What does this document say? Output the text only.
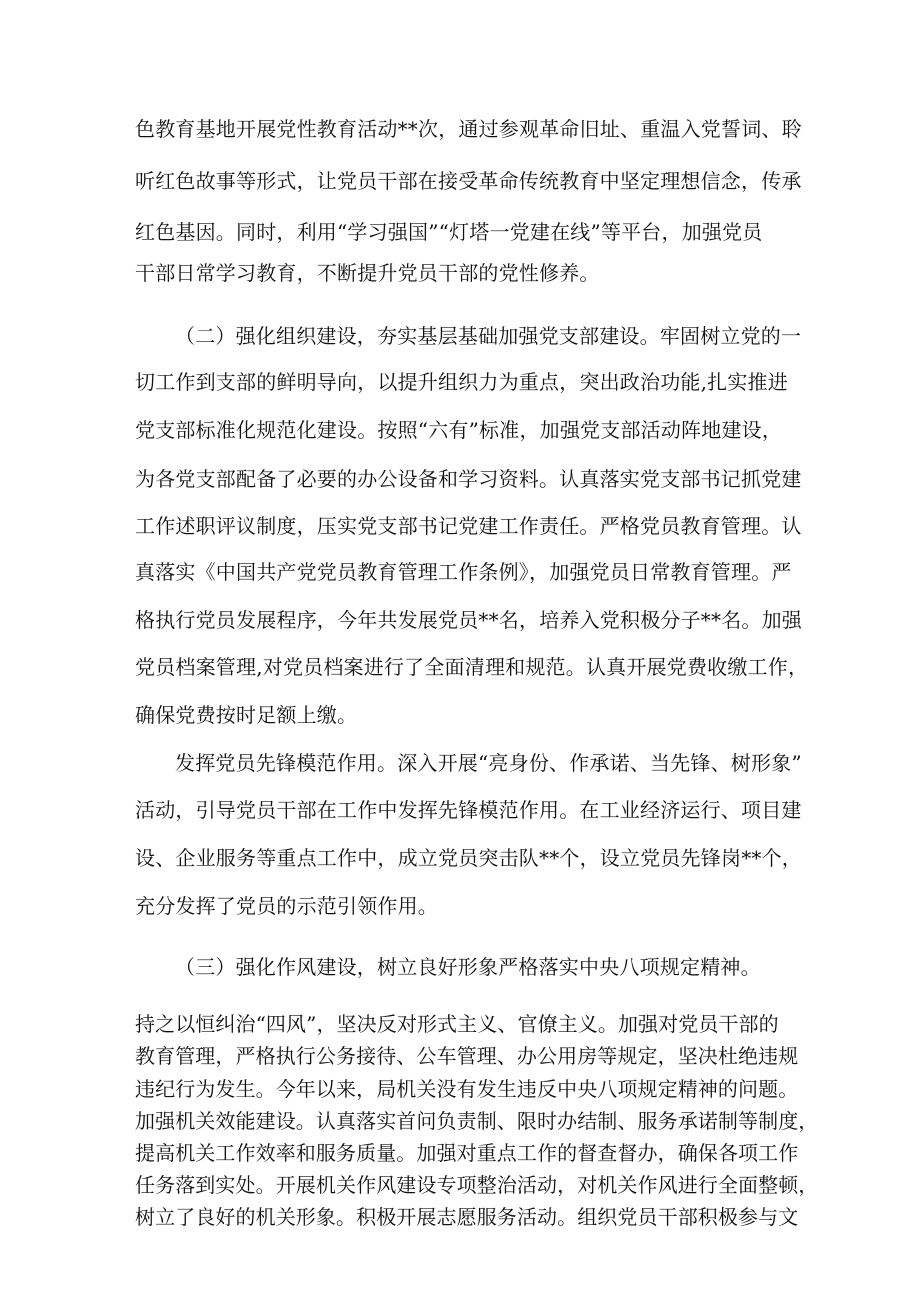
色教育基地开展党性教育活动**次，通过参观革命旧址、重温入党誓词、聆
听红色故事等形式，让党员干部在接受革命传统教育中坚定理想信念，传承
红色基因。同时，利用“学习强国”“灯塔一党建在线”等平台，加强党员
干部日常学习教育，不断提升党员干部的党性修养。
（二）强化组织建设，夯实基层基础加强党支部建设。牢固树立党的一
切工作到支部的鲜明导向，以提升组织力为重点，突出政治功能,扎实推进
党支部标准化规范化建设。按照“六有”标准，加强党支部活动阵地建设，
为各党支部配备了必要的办公设备和学习资料。认真落实党支部书记抓党建
工作述职评议制度，压实党支部书记党建工作责任。严格党员教育管理。认
真落实《中国共产党党员教育管理工作条例》，加强党员日常教育管理。严
格执行党员发展程序，今年共发展党员**名，培养入党积极分子**名。加强
党员档案管理,对党员档案进行了全面清理和规范。认真开展党费收缴工作，
确保党费按时足额上缴。
发挥党员先锋模范作用。深入开展“亮身份、作承诺、当先锋、树形象”
活动，引导党员干部在工作中发挥先锋模范作用。在工业经济运行、项目建
设、企业服务等重点工作中，成立党员突击队**个，设立党员先锋岗**个，
充分发挥了党员的示范引领作用。
（三）强化作风建设，树立良好形象严格落实中央八项规定精神。
持之以恒纠治“四风”，坚决反对形式主义、官僚主义。加强对党员干部的
教育管理，严格执行公务接待、公车管理、办公用房等规定，坚决杜绝违规
违纪行为发生。今年以来，局机关没有发生违反中央八项规定精神的问题。
加强机关效能建设。认真落实首问负责制、限时办结制、服务承诺制等制度，
提高机关工作效率和服务质量。加强对重点工作的督查督办，确保各项工作
任务落到实处。开展机关作风建设专项整治活动，对机关作风进行全面整顿，
树立了良好的机关形象。积极开展志愿服务活动。组织党员干部积极参与文
